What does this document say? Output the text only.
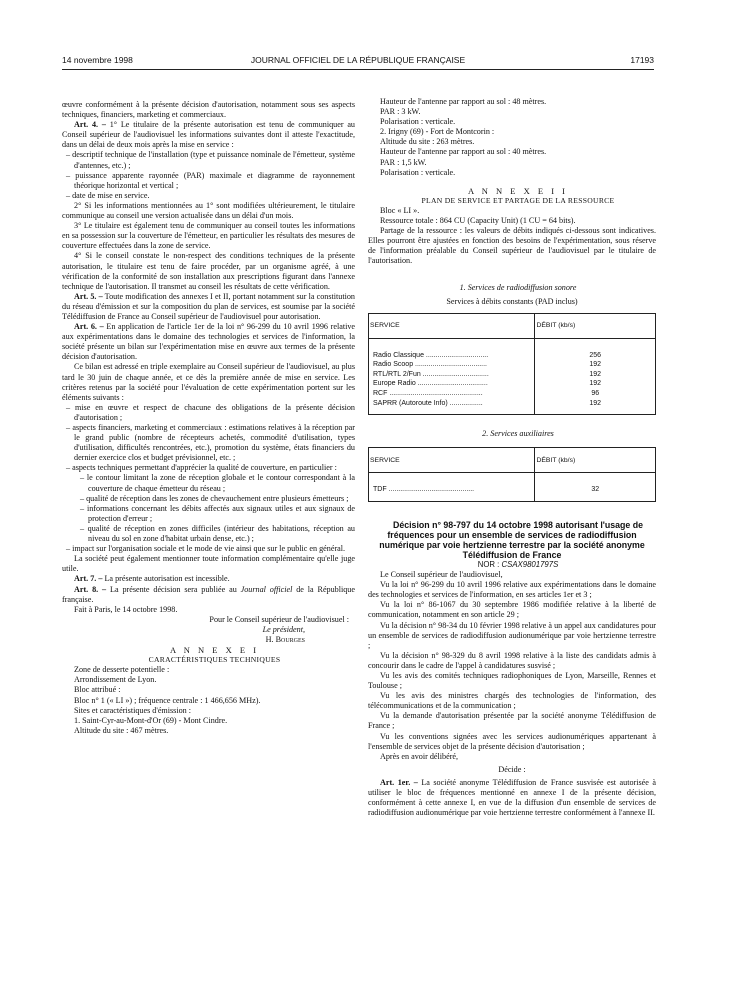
14 novembre 1998	JOURNAL OFFICIEL DE LA RÉPUBLIQUE FRANÇAISE	17193

œuvre conformément à la présente décision d'autorisation, notamment sous ses aspects techniques, financiers, marketing et commerciaux.

Art. 4. – 1° Le titulaire de la présente autorisation est tenu de communiquer au Conseil supérieur de l'audiovisuel les informations suivantes dont il atteste l'exactitude, dans un délai de deux mois après la mise en service :

– descriptif technique de l'installation (type et puissance nominale de l'émetteur, système d'antennes, etc.) ;

– puissance apparente rayonnée (PAR) maximale et diagramme de rayonnement théorique horizontal et vertical ;

– date de mise en service.

2° Si les informations mentionnées au 1° sont modifiées ultérieurement, le titulaire communique au conseil une version actualisée dans un délai d'un mois.

3° Le titulaire est également tenu de communiquer au conseil toutes les informations en sa possession sur la couverture de l'émetteur, en particulier les résultats des mesures de couverture effectuées dans la zone de service.

4° Si le conseil constate le non-respect des conditions techniques de la présente autorisation, le titulaire est tenu de faire procéder, par un organisme agréé, à une vérification de la conformité de son installation aux prescriptions figurant dans l'annexe technique de l'autorisation. Il transmet au conseil les résultats de cette vérification.

Art. 5. – Toute modification des annexes I et II, portant notamment sur la constitution du réseau d'émission et sur la composition du plan de services, est soumise par la société Télédiffusion de France au Conseil supérieur de l'audiovisuel pour autorisation.

Art. 6. – En application de l'article 1er de la loi n° 96-299 du 10 avril 1996 relative aux expérimentations dans le domaine des technologies et services de l'information, la société présente un bilan sur l'expérimentation mise en œuvre aux termes de la présente décision d'autorisation.

Ce bilan est adressé en triple exemplaire au Conseil supérieur de l'audiovisuel, au plus tard le 30 juin de chaque année, et ce dès la première année de mise en service. Les critères retenus par la société pour l'évaluation de cette expérimentation portent sur les éléments suivants :

– mise en œuvre et respect de chacune des obligations de la présente décision d'autorisation ;

– aspects financiers, marketing et commerciaux : estimations relatives à la réception par le grand public (nombre de récepteurs achetés, commodité d'utilisation, types d'utilisation, difficultés rencontrées, etc.), promotion du système, états financiers du dernier exercice clos et budget prévisionnel, etc. ;

– aspects techniques permettant d'apprécier la qualité de couverture, en particulier :

– le contour limitant la zone de réception globale et le contour correspondant à la couverture de chaque émetteur du réseau ;

– qualité de réception dans les zones de chevauchement entre plusieurs émetteurs ;

– informations concernant les débits affectés aux signaux utiles et aux signaux de protection d'erreur ;

– qualité de réception en zones difficiles (intérieur des habitations, réception au niveau du sol en zone d'habitat urbain dense, etc.) ;

– impact sur l'organisation sociale et le mode de vie ainsi que sur le public en général.

La société peut également mentionner toute information complémentaire qu'elle juge utile.

Art. 7. – La présente autorisation est incessible.

Art. 8. – La présente décision sera publiée au Journal officiel de la République française.

Fait à Paris, le 14 octobre 1998.

Pour le Conseil supérieur de l'audiovisuel :

Le président,

H. Bourges

A N N E X E I

CARACTÉRISTIQUES TECHNIQUES

Zone de desserte potentielle :

Arrondissement de Lyon.

Bloc attribué :

Bloc n° 1 (« LI ») ; fréquence centrale : 1 466,656 MHz).

Sites et caractéristiques d'émission :

1. Saint-Cyr-au-Mont-d'Or (69) - Mont Cindre.

Altitude du site : 467 mètres.

Hauteur de l'antenne par rapport au sol : 48 mètres.

PAR : 3 kW.

Polarisation : verticale.

2. Irigny (69) - Fort de Montcorin :

Altitude du site : 263 mètres.

Hauteur de l'antenne par rapport au sol : 40 mètres.

PAR : 1,5 kW.

Polarisation : verticale.

A N N E X E I I

PLAN DE SERVICE ET PARTAGE DE LA RESSOURCE

Bloc « LI ».

Ressource totale : 864 CU (Capacity Unit) (1 CU = 64 bits).

Partage de la ressource : les valeurs de débits indiqués ci-dessous sont indicatives. Elles pourront être ajustées en fonction des besoins de l'expérimentation, sous réserve de l'information préalable du Conseil supérieur de l'audiovisuel par le titulaire de l'autorisation.

1. Services de radiodiffusion sonore

Services à débits constants (PAD inclus)

SERVICE	DÉBIT (kb/s)

Radio Classique ................................	256
Radio Scoop .....................................	192
RTL/RTL 2/Fun ..................................	192
Europe Radio ....................................	192
RCF ................................................	96
SAPRR (Autoroute Info) .................	192

2. Services auxiliaires

SERVICE	DÉBIT (kb/s)

TDF ............................................	32

Décision n° 98-797 du 14 octobre 1998 autorisant l'usage de fréquences pour un ensemble de services de radiodiffusion numérique par voie hertzienne terrestre par la société anonyme Télédiffusion de France

NOR : CSAX9801797S

Le Conseil supérieur de l'audiovisuel,

Vu la loi n° 96-299 du 10 avril 1996 relative aux expérimentations dans le domaine des technologies et services de l'information, en ses articles 1er et 3 ;

Vu la loi n° 86-1067 du 30 septembre 1986 modifiée relative à la liberté de communication, notamment en son article 29 ;

Vu la décision n° 98-34 du 10 février 1998 relative à un appel aux candidatures pour un ensemble de services de radiodiffusion audionumérique par voie hertzienne terrestre ;

Vu la décision n° 98-329 du 8 avril 1998 relative à la liste des candidats admis à concourir dans le cadre de l'appel à candidatures susvisé ;

Vu les avis des comités techniques radiophoniques de Lyon, Marseille, Rennes et Toulouse ;

Vu les avis des ministres chargés des technologies de l'information, des télécommunications et de la communication ;

Vu la demande d'autorisation présentée par la société anonyme Télédiffusion de France ;

Vu les conventions signées avec les services audionumériques appartenant à l'ensemble de services objet de la présente décision d'autorisation ;

Après en avoir délibéré,

Décide :

Art. 1er. – La société anonyme Télédiffusion de France susvisée est autorisée à utiliser le bloc de fréquences mentionné en annexe I de la présente décision, conformément à cette annexe I, en vue de la diffusion d'un ensemble de services de radiodiffusion audionumérique par voie hertzienne terrestre conformément à l'annexe II.
